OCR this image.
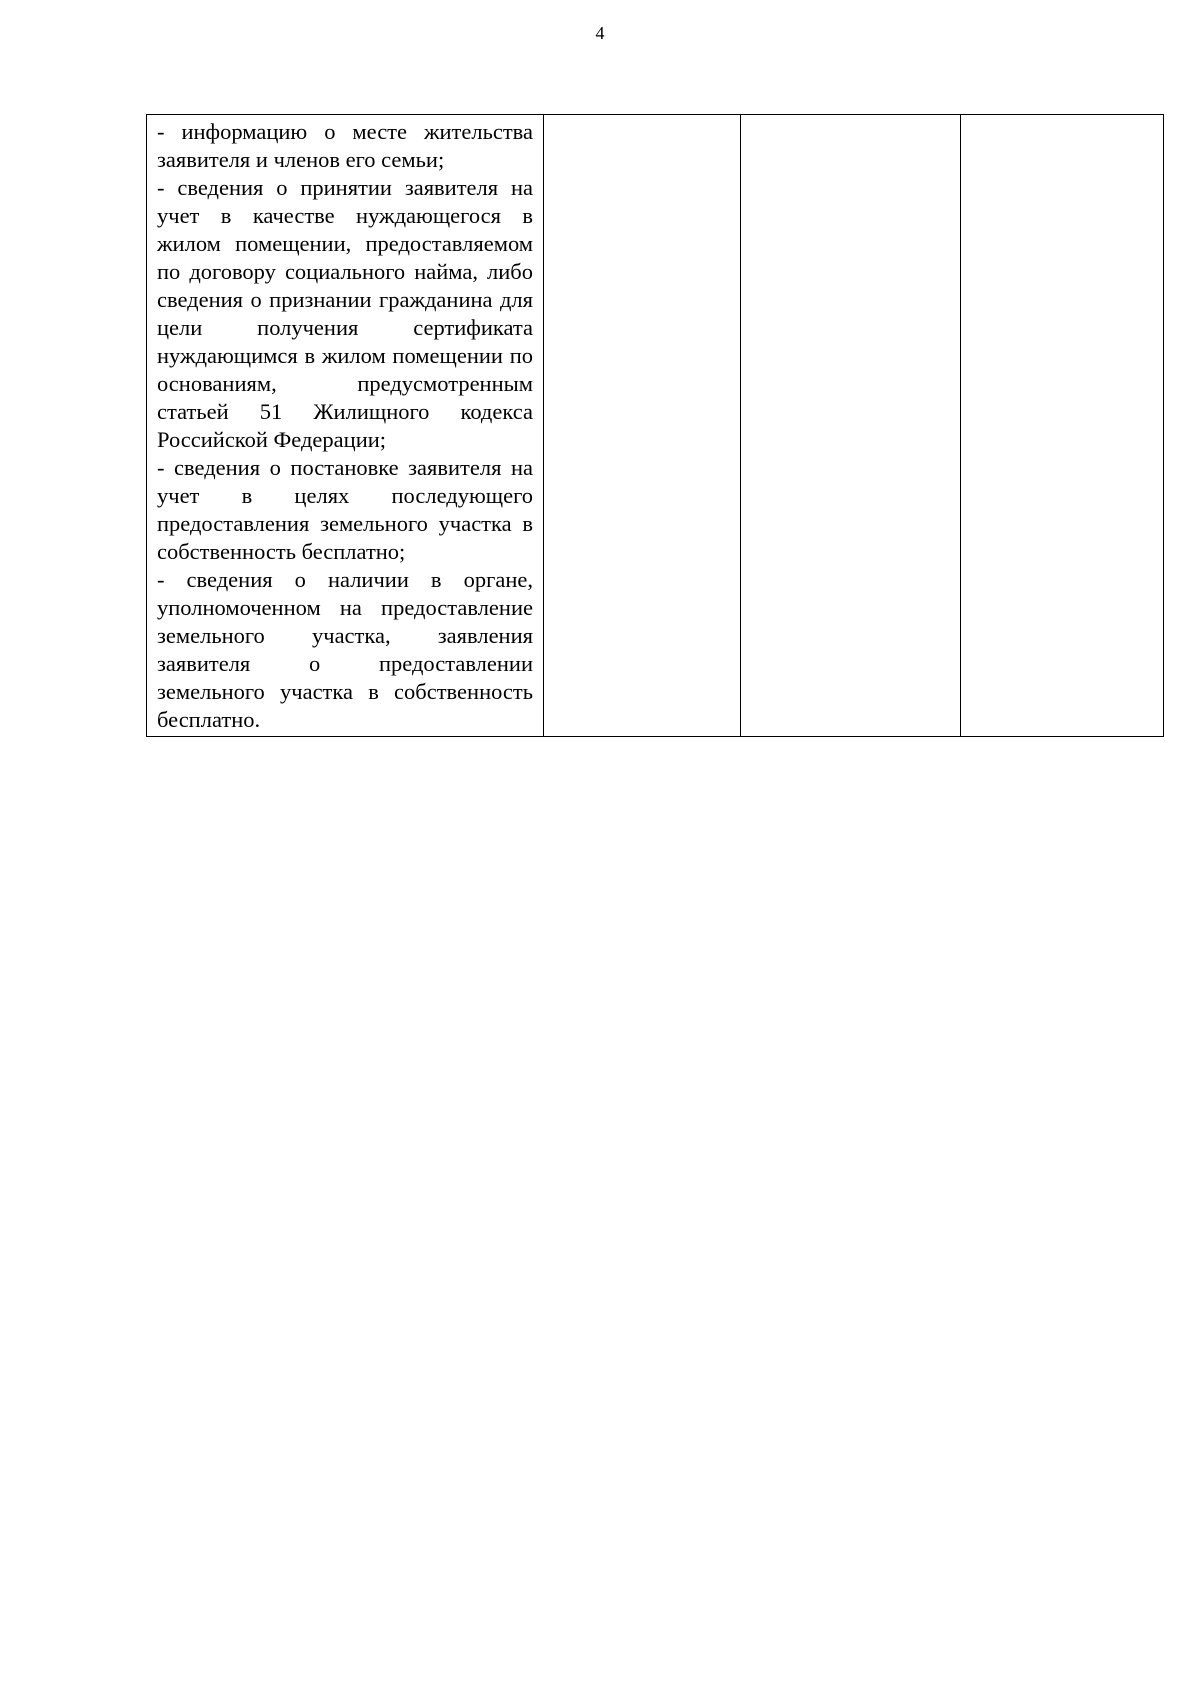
4
- информацию о месте жительства заявителя и членов его семьи;
- сведения о принятии заявителя на учет в качестве нуждающегося в жилом помещении, предоставляемом по договору социального найма, либо сведения о признании гражданина для цели получения сертификата нуждающимся в жилом помещении по основаниям, предусмотренным статьей 51 Жилищного кодекса Российской Федерации;
- сведения о постановке заявителя на учет в целях последующего предоставления земельного участка в собственность бесплатно;
- сведения о наличии в органе, уполномоченном на предоставление земельного участка, заявления заявителя о предоставлении земельного участка в собственность бесплатно.
